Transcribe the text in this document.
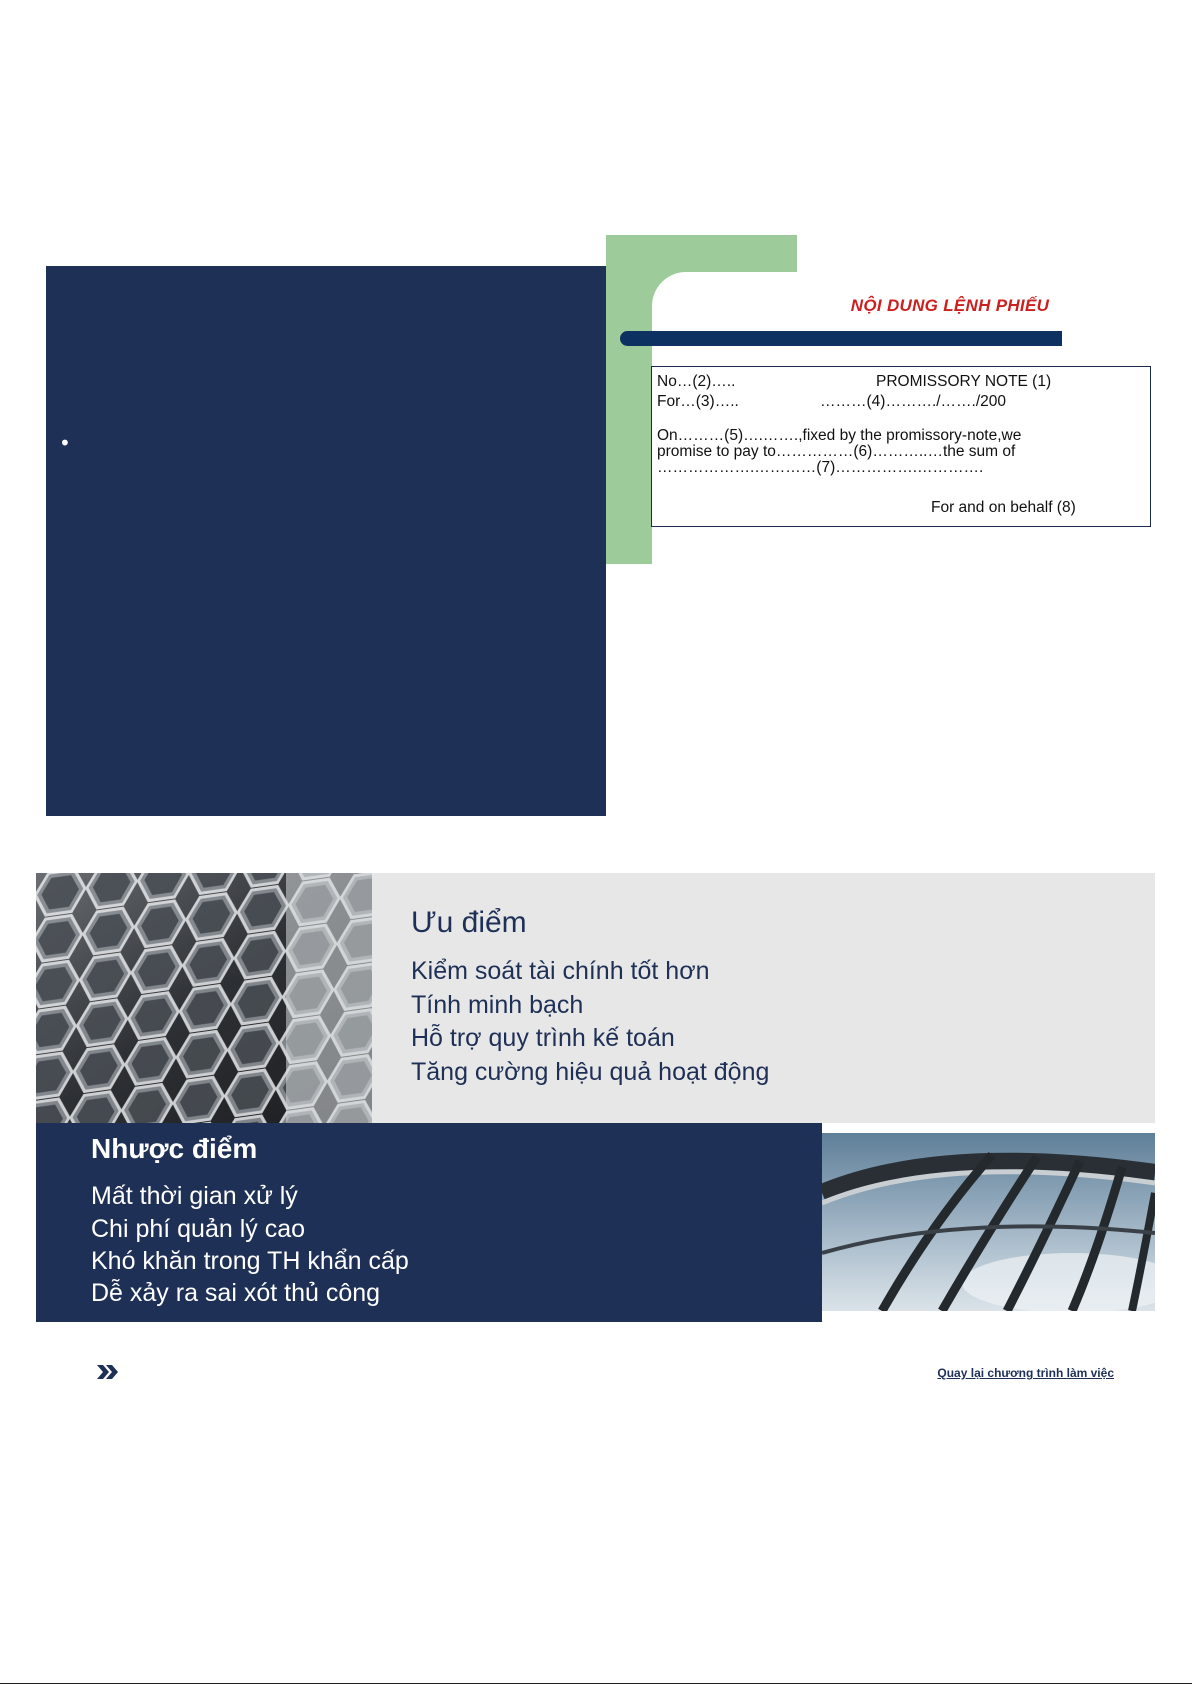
•
NỘI DUNG LỆNH PHIẾU
No…(2)…..	PROMISSORY NOTE (1)
For…(3)…..	………(4)………./……./200
On………(5)….…….,fixed by the promissory-note,we
promise to pay to……………(6)………..…the sum of
……………….…………(7)…………….………….
For and on behalf (8)
Ưu điểm
Kiểm soát tài chính tốt hơn
Tính minh bạch
Hỗ trợ quy trình kế toán
Tăng cường hiệu quả hoạt động
Nhược điểm
Mất thời gian xử lý
Chi phí quản lý cao
Khó khăn trong TH khẩn cấp
Dễ xảy ra sai xót thủ công
Quay lại chương trình làm việc
